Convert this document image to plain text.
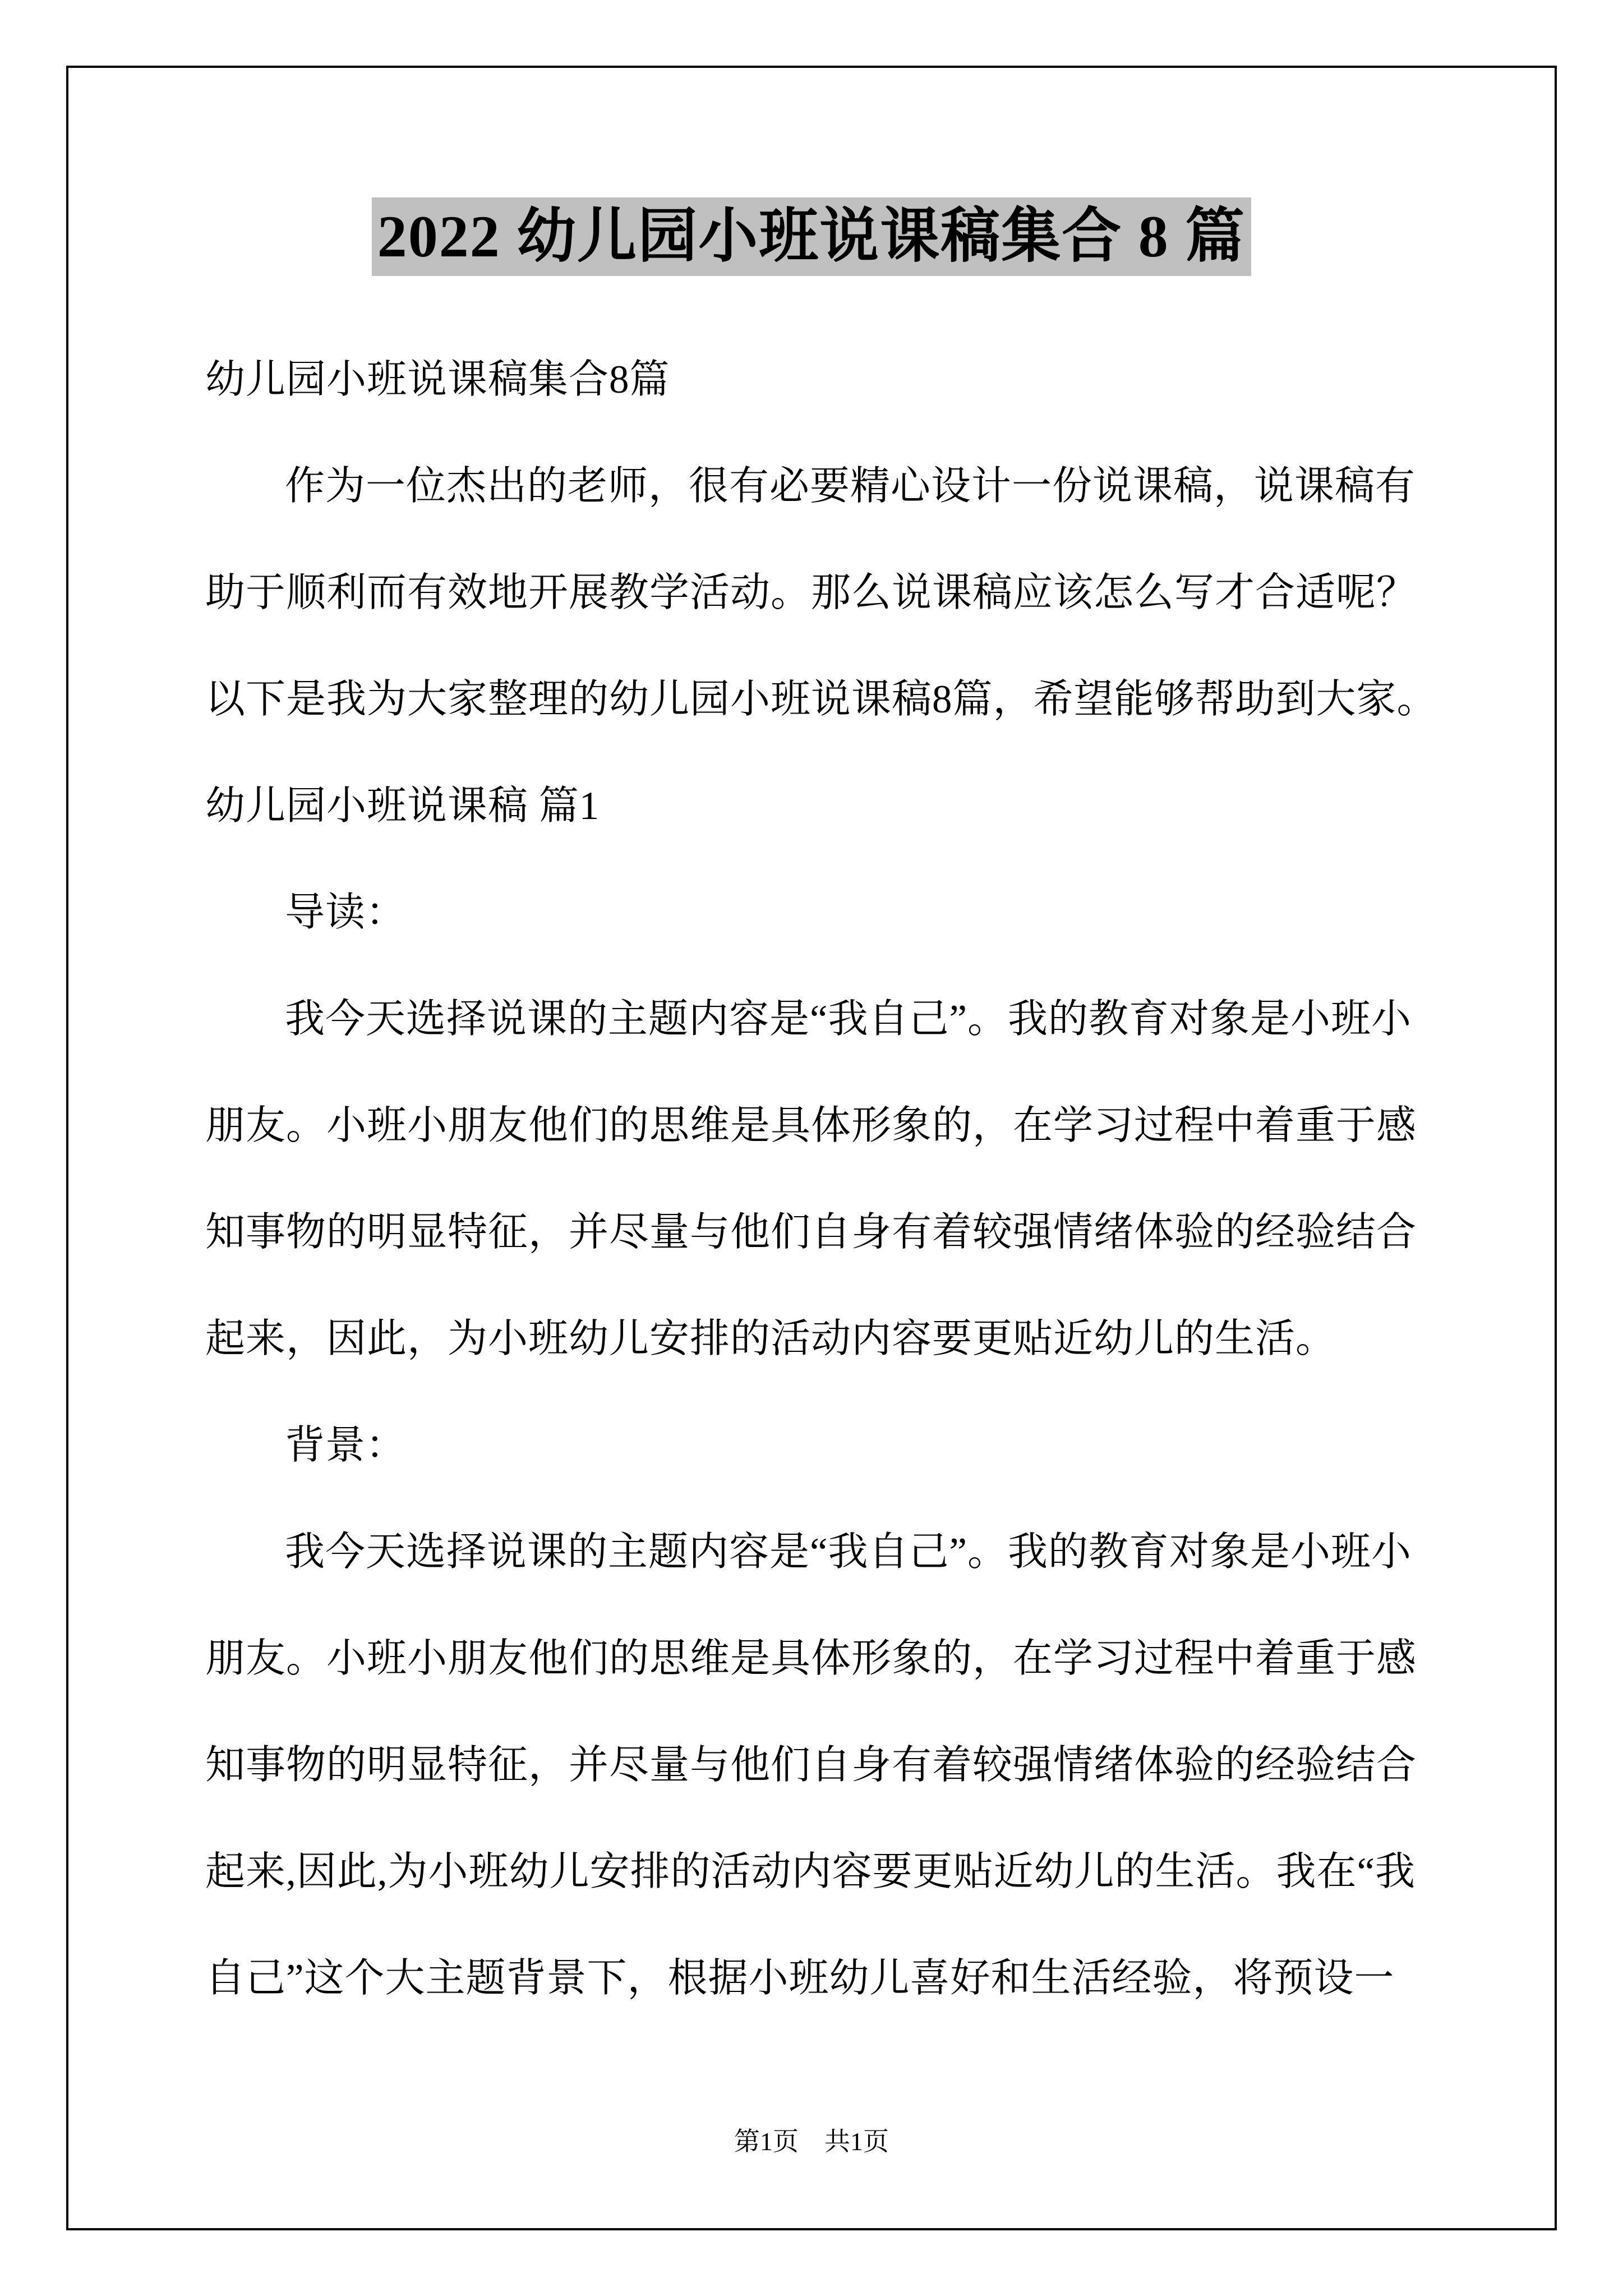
2022 幼儿园小班说课稿集合 8 篇
幼儿园小班说课稿集合8篇
作为一位杰出的老师，很有必要精心设计一份说课稿，说课稿有
助于顺利而有效地开展教学活动。那么说课稿应该怎么写才合适呢？
以下是我为大家整理的幼儿园小班说课稿8篇，希望能够帮助到大家。
幼儿园小班说课稿 篇1
导读：
我今天选择说课的主题内容是“我自己”。我的教育对象是小班小
朋友。小班小朋友他们的思维是具体形象的，在学习过程中着重于感
知事物的明显特征，并尽量与他们自身有着较强情绪体验的经验结合
起来，因此，为小班幼儿安排的活动内容要更贴近幼儿的生活。
背景：
我今天选择说课的主题内容是“我自己”。我的教育对象是小班小
朋友。小班小朋友他们的思维是具体形象的，在学习过程中着重于感
知事物的明显特征，并尽量与他们自身有着较强情绪体验的经验结合
起来,因此,为小班幼儿安排的活动内容要更贴近幼儿的生活。我在“我
自己”这个大主题背景下，根据小班幼儿喜好和生活经验，将预设一
第1页　共1页
